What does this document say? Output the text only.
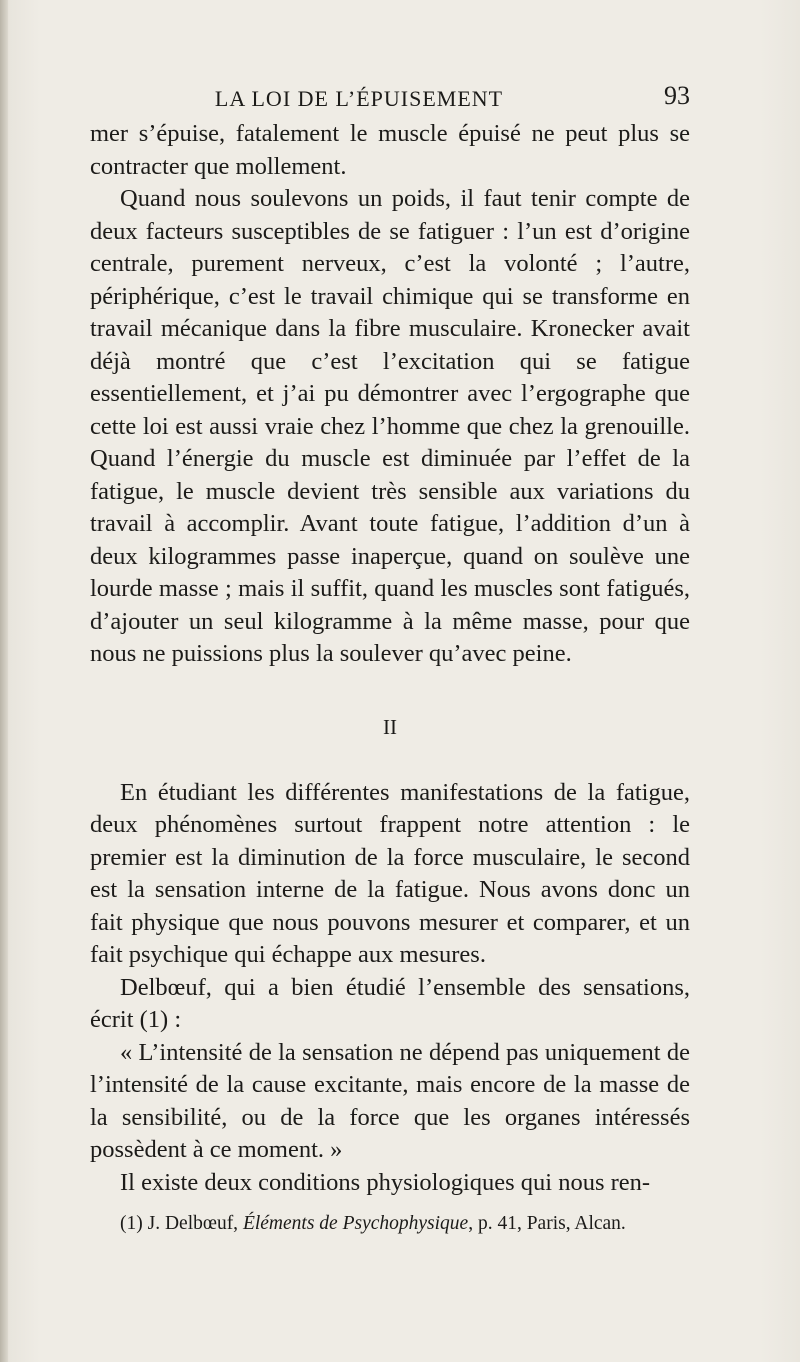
LA LOI DE L’ÉPUISEMENT	93

mer s’épuise, fatalement le muscle épuisé ne peut plus se contracter que mollement.

Quand nous soulevons un poids, il faut tenir compte de deux facteurs susceptibles de se fatiguer : l’un est d’origine centrale, purement nerveux, c’est la volonté ; l’autre, périphérique, c’est le travail chimique qui se transforme en travail mécanique dans la fibre musculaire. Kronecker avait déjà montré que c’est l’excitation qui se fatigue essentiellement, et j’ai pu démontrer avec l’ergographe que cette loi est aussi vraie chez l’homme que chez la grenouille. Quand l’énergie du muscle est diminuée par l’effet de la fatigue, le muscle devient très sensible aux variations du travail à accomplir. Avant toute fatigue, l’addition d’un à deux kilogrammes passe inaperçue, quand on soulève une lourde masse ; mais il suffit, quand les muscles sont fatigués, d’ajouter un seul kilogramme à la même masse, pour que nous ne puissions plus la soulever qu’avec peine.

II

En étudiant les différentes manifestations de la fatigue, deux phénomènes surtout frappent notre attention : le premier est la diminution de la force musculaire, le second est la sensation interne de la fatigue. Nous avons donc un fait physique que nous pouvons mesurer et comparer, et un fait psychique qui échappe aux mesures.

Delbœuf, qui a bien étudié l’ensemble des sensations, écrit (1) :

« L’intensité de la sensation ne dépend pas uniquement de l’intensité de la cause excitante, mais encore de la masse de la sensibilité, ou de la force que les organes intéressés possèdent à ce moment. »

Il existe deux conditions physiologiques qui nous ren-

(1) J. Delbœuf, Éléments de Psychophysique, p. 41, Paris, Alcan.
